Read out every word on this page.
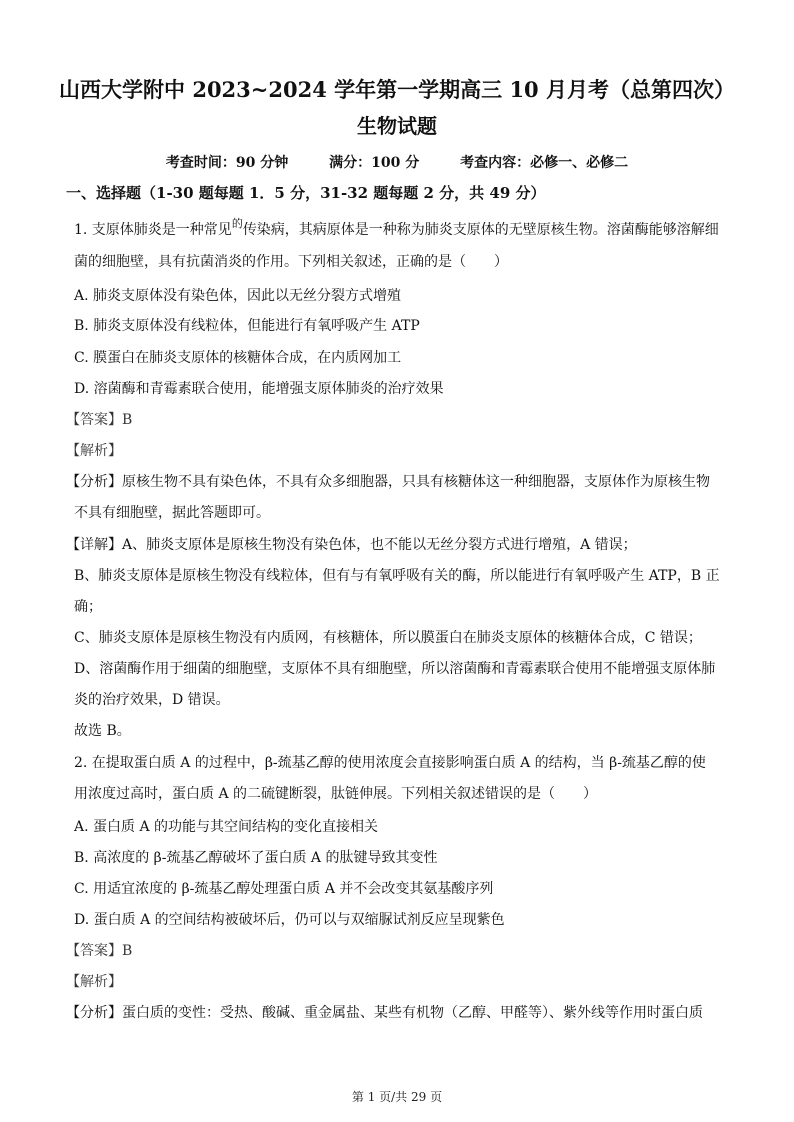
山西大学附中 2023~2024 学年第一学期高三 10 月月考（总第四次）
生物试题
考查时间：90 分钟	满分：100 分	考查内容：必修一、必修二
一、选择题（1-30 题每题 1．5 分，31-32 题每题 2 分，共 49 分）
1. 支原体肺炎是一种常见$^的$传染病，其病原体是一种称为肺炎支原体的无壁原核生物。溶菌酶能够溶解细
菌的细胞壁，具有抗菌消炎的作用。下列相关叙述，正确的是（　　）
A. 肺炎支原体没有染色体，因此以无丝分裂方式增殖
B. 肺炎支原体没有线粒体，但能进行有氧呼吸产生 ATP
C. 膜蛋白在肺炎支原体的核糖体合成，在内质网加工
D. 溶菌酶和青霉素联合使用，能增强支原体肺炎的治疗效果
【答案】B
【解析】
【分析】原核生物不具有染色体，不具有众多细胞器，只具有核糖体这一种细胞器，支原体作为原核生物
不具有细胞壁，据此答题即可。
【详解】A、肺炎支原体是原核生物没有染色体，也不能以无丝分裂方式进行增殖，A 错误；
B、肺炎支原体是原核生物没有线粒体，但有与有氧呼吸有关的酶，所以能进行有氧呼吸产生 ATP，B 正
确；
C、肺炎支原体是原核生物没有内质网，有核糖体，所以膜蛋白在肺炎支原体的核糖体合成，C 错误；
D、溶菌酶作用于细菌的细胞壁，支原体不具有细胞壁，所以溶菌酶和青霉素联合使用不能增强支原体肺
炎的治疗效果，D 错误。
故选 B。
2. 在提取蛋白质 A 的过程中，β-巯基乙醇的使用浓度会直接影响蛋白质 A 的结构，当 β-巯基乙醇的使
用浓度过高时，蛋白质 A 的二硫键断裂，肽链伸展。下列相关叙述错误的是（　　）
A. 蛋白质 A 的功能与其空间结构的变化直接相关
B. 高浓度的 β-巯基乙醇破坏了蛋白质 A 的肽键导致其变性
C. 用适宜浓度的 β-巯基乙醇处理蛋白质 A 并不会改变其氨基酸序列
D. 蛋白质 A 的空间结构被破坏后，仍可以与双缩脲试剂反应呈现紫色
【答案】B
【解析】
【分析】蛋白质的变性：受热、酸碱、重金属盐、某些有机物（乙醇、甲醛等）、紫外线等作用时蛋白质
第 1 页/共 29 页
